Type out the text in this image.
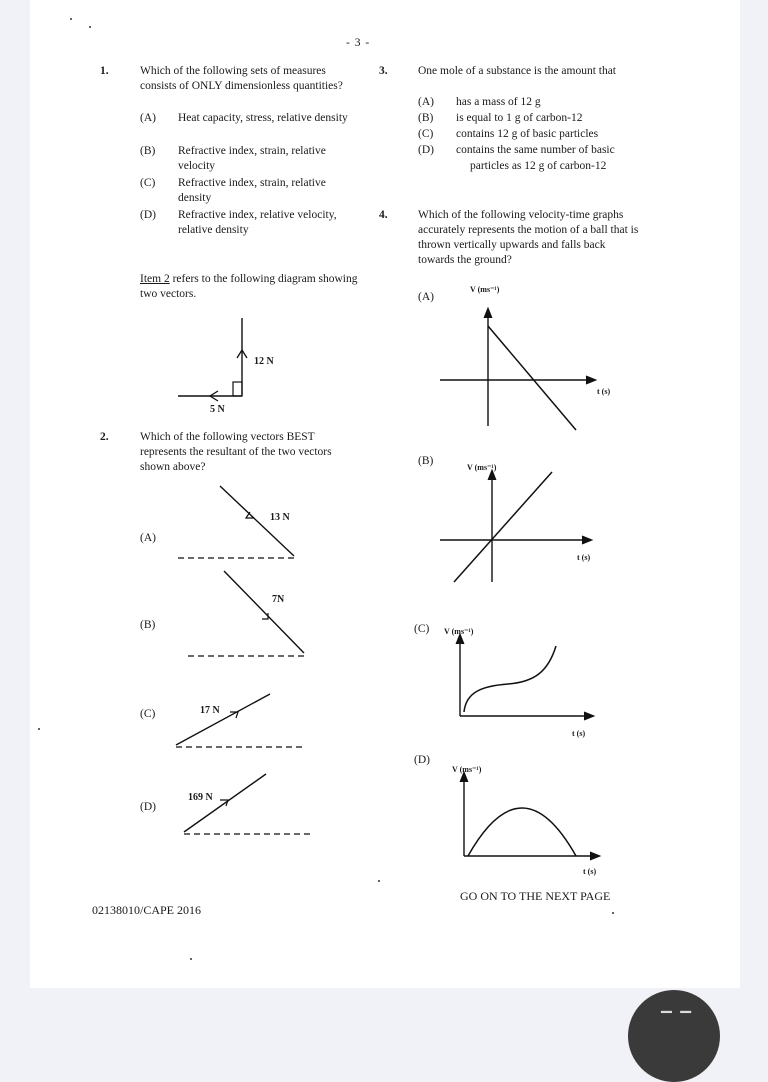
- 3 -
1.	Which of the following sets of measures consists of ONLY dimensionless quantities?
(A) Heat capacity, stress, relative density
(B) Refractive index, strain, relative velocity
(C) Refractive index, strain, relative density
(D) Refractive index, relative velocity, relative density
Item 2 refers to the following diagram showing two vectors.
12 N
5 N
2.	Which of the following vectors BEST represents the resultant of the two vectors shown above?
(A)
13 N
(B)
7N
(C)	17 N
(D)
169 N
3.	One mole of a substance is the amount that
(A) has a mass of 12 g
(B) is equal to 1 g of carbon-12
(C) contains 12 g of basic particles
(D) contains the same number of basic
particles as 12 g of carbon-12
4.	Which of the following velocity-time graphs accurately represents the motion of a ball that is thrown vertically upwards and falls back towards the ground?
(A)
V (ms⁻¹)
t (s)
(B)
V (ms⁻¹)
t (s)
(C) V (ms⁻¹)
t (s)
(D)
V (ms⁻¹)
t (s)
GO ON TO THE NEXT PAGE
02138010/CAPE 2016
▔ ▔
